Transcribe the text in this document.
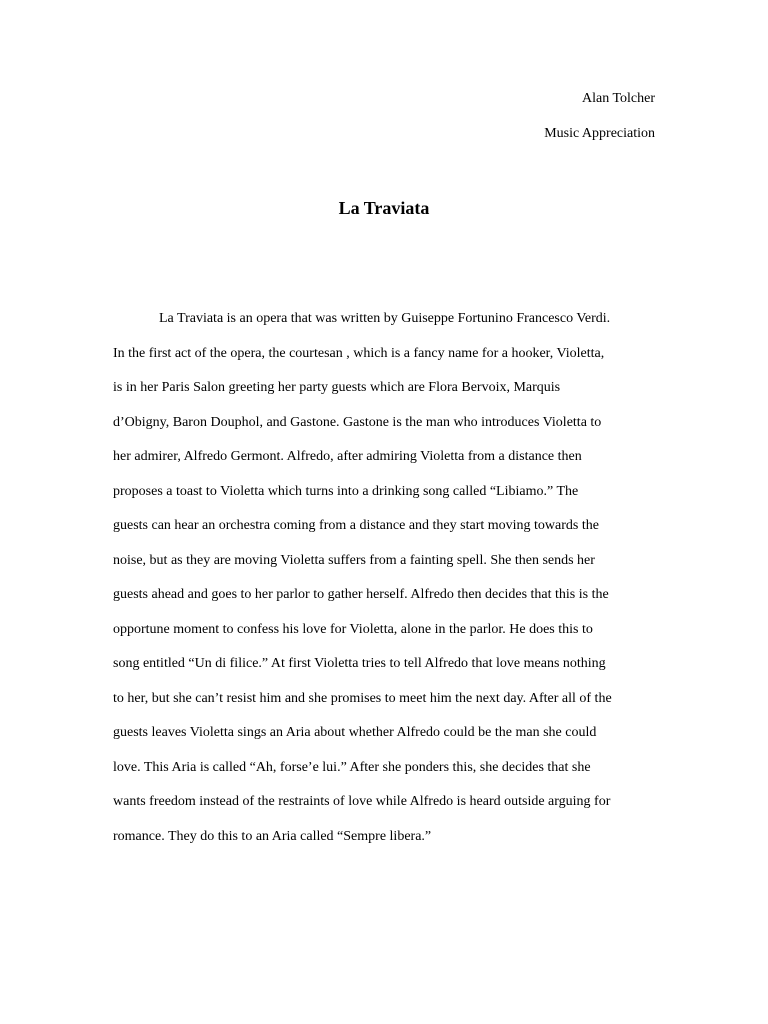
Alan Tolcher
Music Appreciation
La Traviata
La Traviata is an opera that was written by Guiseppe Fortunino Francesco Verdi.
In the first act of the opera, the courtesan , which is a fancy name for a hooker, Violetta,
is in her Paris Salon greeting her party guests which are Flora Bervoix, Marquis
d’Obigny, Baron Douphol, and Gastone. Gastone is the man who introduces Violetta to
her admirer, Alfredo Germont. Alfredo, after admiring Violetta from a distance then
proposes a toast to Violetta which turns into a drinking song called “Libiamo.” The
guests can hear an orchestra coming from a distance and they start moving towards the
noise, but as they are moving Violetta suffers from a fainting spell. She then sends her
guests ahead and goes to her parlor to gather herself. Alfredo then decides that this is the
opportune moment to confess his love for Violetta, alone in the parlor. He does this to
song entitled “Un di filice.” At first Violetta tries to tell Alfredo that love means nothing
to her, but she can’t resist him and she promises to meet him the next day. After all of the
guests leaves Violetta sings an Aria about whether Alfredo could be the man she could
love. This Aria is called “Ah, forse’e lui.” After she ponders this, she decides that she
wants freedom instead of the restraints of love while Alfredo is heard outside arguing for
romance. They do this to an Aria called “Sempre libera.”
